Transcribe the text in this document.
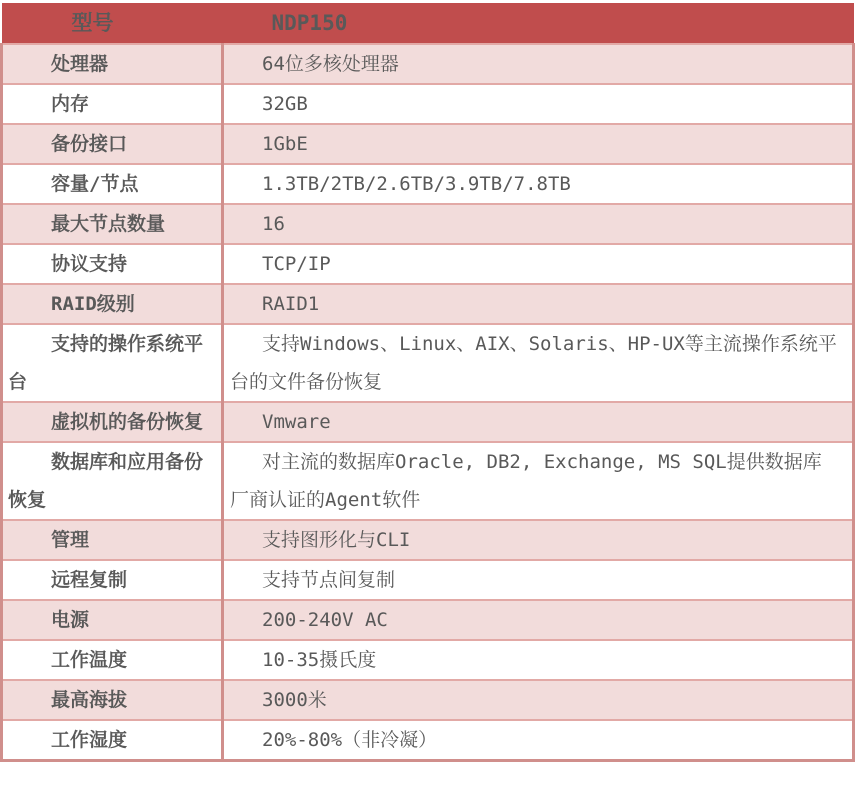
型号	NDP150
处理器	64位多核处理器
内存	32GB
备份接口	1GbE
容量/节点	1.3TB/2TB/2.6TB/3.9TB/7.8TB
最大节点数量	16
协议支持	TCP/IP
RAID级别	RAID1
支持的操作系统平台	支持Windows、Linux、AIX、Solaris、HP-UX等主流操作系统平台的文件备份恢复
虚拟机的备份恢复	Vmware
数据库和应用备份恢复	对主流的数据库Oracle, DB2, Exchange, MS SQL提供数据库厂商认证的Agent软件
管理	支持图形化与CLI
远程复制	支持节点间复制
电源	200-240V AC
工作温度	10-35摄氏度
最高海拔	3000米
工作湿度	20%-80%（非冷凝）
